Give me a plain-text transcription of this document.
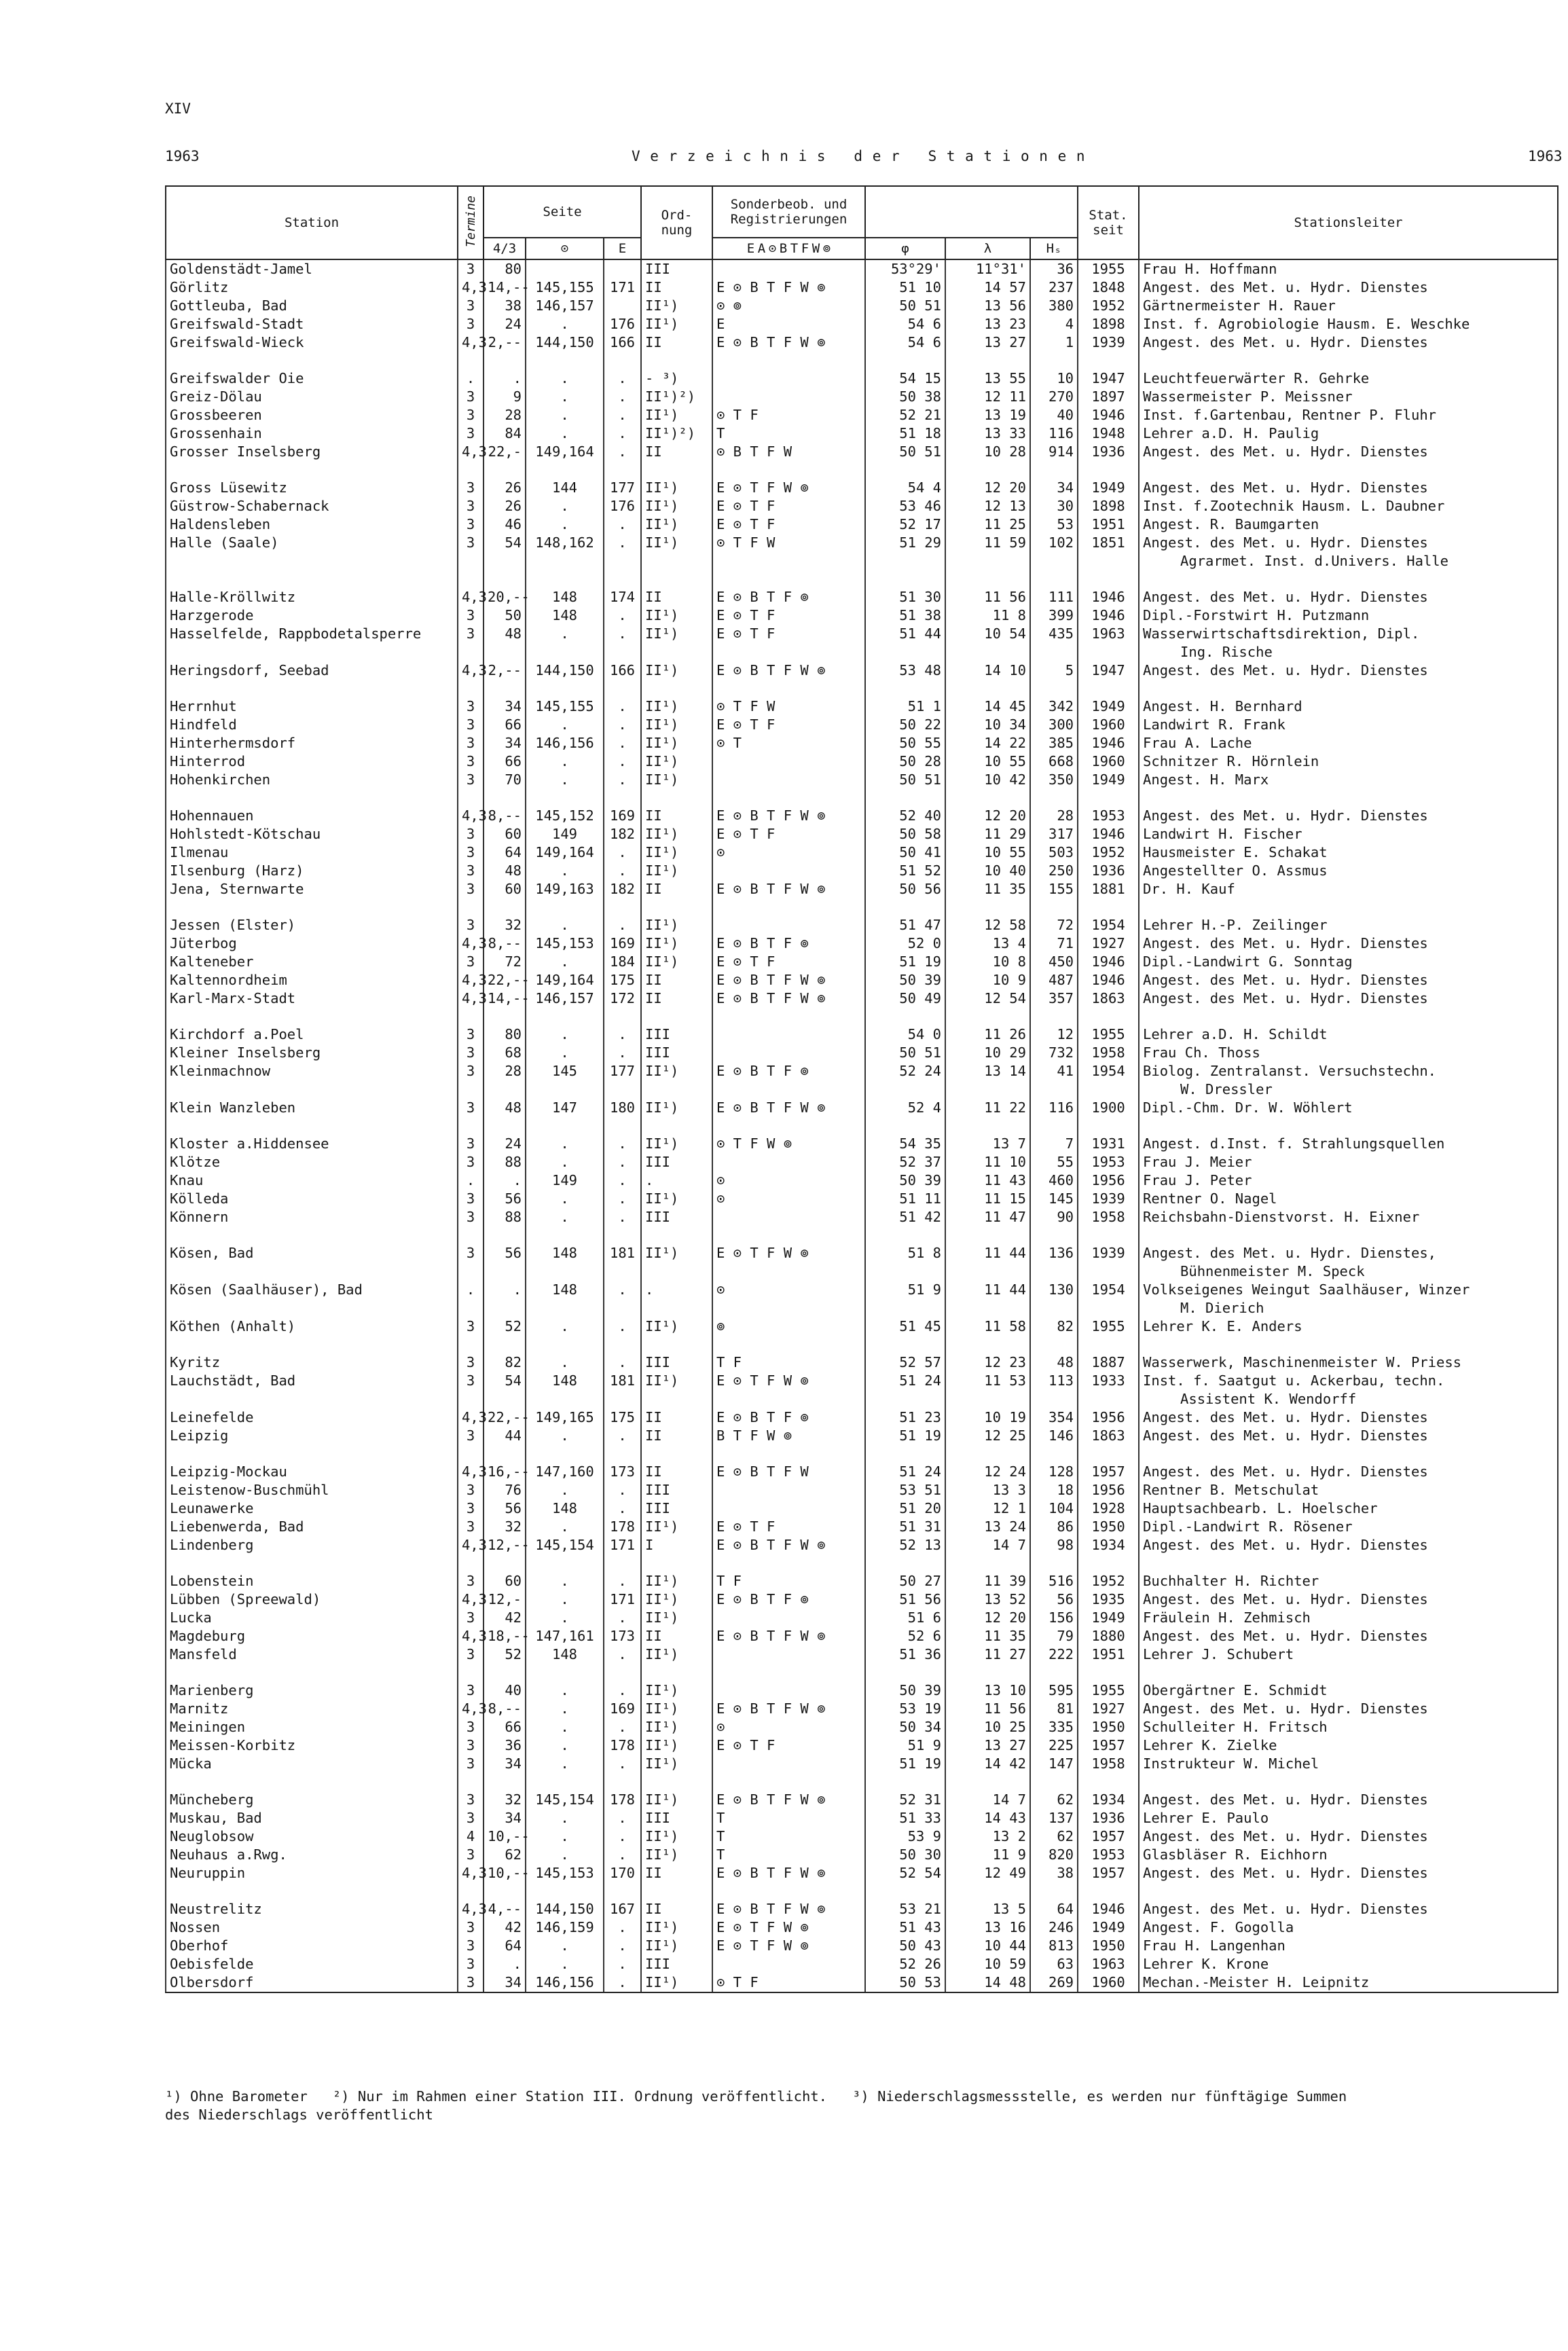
XIV
1963	V e r z e i c h n i s   d e r   S t a t i o n e n	1963
Station	Termine	Seite			Ord-
nung	Sonderbeob. und
Registrierungen				Stat.
seit	Stationsleiter
		4/3	⊙	E		E A ⊙ B T F W ⊚	φ	λ	Hₛ		
Goldenstädt-Jamel	3	80			III		53°29'	11°31'	36	1955	Frau H. Hoffmann
Görlitz	4,3	14,--	145,155	171	II	E ⊙ B T F W ⊚	51 10	14 57	237	1848	Angest. des Met. u. Hydr. Dienstes
Gottleuba, Bad	3	38	146,157		II¹)	⊙ ⊚	50 51	13 56	380	1952	Gärtnermeister H. Rauer
Greifswald-Stadt	3	24	.	176	II¹)	E	54 6	13 23	4	1898	Inst. f. Agrobiologie Hausm. E. Weschke
Greifswald-Wieck	4,3	2,--	144,150	166	II	E ⊙ B T F W ⊚	54 6	13 27	1	1939	Angest. des Met. u. Hydr. Dienstes

Greifswalder Oie	.	.	.	.	- ³)		54 15	13 55	10	1947	Leuchtfeuerwärter R. Gehrke
Greiz-Dölau	3	9	.	.	II¹)²)		50 38	12 11	270	1897	Wassermeister P. Meissner
Grossbeeren	3	28	.	.	II¹)	⊙ T F	52 21	13 19	40	1946	Inst. f.Gartenbau, Rentner P. Fluhr
Grossenhain	3	84	.	.	II¹)²)	T	51 18	13 33	116	1948	Lehrer a.D. H. Paulig
Grosser Inselsberg	4,3	22,-	149,164	.	II	⊙ B T F W	50 51	10 28	914	1936	Angest. des Met. u. Hydr. Dienstes

Gross Lüsewitz	3	26	144	177	II¹)	E ⊙ T F W ⊚	54 4	12 20	34	1949	Angest. des Met. u. Hydr. Dienstes
Güstrow-Schabernack	3	26	.	176	II¹)	E ⊙ T F	53 46	12 13	30	1898	Inst. f.Zootechnik Hausm. L. Daubner
Haldensleben	3	46	.	.	II¹)	E ⊙ T F	52 17	11 25	53	1951	Angest. R. Baumgarten
Halle (Saale)	3	54	148,162	.	II¹)	⊙ T F W	51 29	11 59	102	1851	Angest. des Met. u. Hydr. Dienstes
											Agrarmet. Inst. d.Univers. Halle

Halle-Kröllwitz	4,3	20,--	148	174	II	E ⊙ B T F ⊚	51 30	11 56	111	1946	Angest. des Met. u. Hydr. Dienstes
Harzgerode	3	50	148	.	II¹)	E ⊙ T F	51 38	11 8	399	1946	Dipl.-Forstwirt H. Putzmann
Hasselfelde, Rappbodetalsperre	3	48	.	.	II¹)	E ⊙ T F	51 44	10 54	435	1963	Wasserwirtschaftsdirektion, Dipl.
											Ing. Rische
Heringsdorf, Seebad	4,3	2,--	144,150	166	II¹)	E ⊙ B T F W ⊚	53 48	14 10	5	1947	Angest. des Met. u. Hydr. Dienstes

Herrnhut	3	34	145,155	.	II¹)	⊙ T F W	51 1	14 45	342	1949	Angest. H. Bernhard
Hindfeld	3	66	.	.	II¹)	E ⊙ T F	50 22	10 34	300	1960	Landwirt R. Frank
Hinterhermsdorf	3	34	146,156	.	II¹)	⊙ T	50 55	14 22	385	1946	Frau A. Lache
Hinterrod	3	66	.	.	II¹)		50 28	10 55	668	1960	Schnitzer R. Hörnlein
Hohenkirchen	3	70	.	.	II¹)		50 51	10 42	350	1949	Angest. H. Marx

Hohennauen	4,3	8,--	145,152	169	II	E ⊙ B T F W ⊚	52 40	12 20	28	1953	Angest. des Met. u. Hydr. Dienstes
Hohlstedt-Kötschau	3	60	149	182	II¹)	E ⊙ T F	50 58	11 29	317	1946	Landwirt H. Fischer
Ilmenau	3	64	149,164	.	II¹)	⊙	50 41	10 55	503	1952	Hausmeister E. Schakat
Ilsenburg (Harz)	3	48	.	.	II¹)		51 52	10 40	250	1936	Angestellter O. Assmus
Jena, Sternwarte	3	60	149,163	182	II	E ⊙ B T F W ⊚	50 56	11 35	155	1881	Dr. H. Kauf

Jessen (Elster)	3	32	.	.	II¹)		51 47	12 58	72	1954	Lehrer H.-P. Zeilinger
Jüterbog	4,3	8,--	145,153	169	II¹)	E ⊙ B T F ⊚	52 0	13 4	71	1927	Angest. des Met. u. Hydr. Dienstes
Kalteneber	3	72	.	184	II¹)	E ⊙ T F	51 19	10 8	450	1946	Dipl.-Landwirt G. Sonntag
Kaltennordheim	4,3	22,--	149,164	175	II	E ⊙ B T F W ⊚	50 39	10 9	487	1946	Angest. des Met. u. Hydr. Dienstes
Karl-Marx-Stadt	4,3	14,--	146,157	172	II	E ⊙ B T F W ⊚	50 49	12 54	357	1863	Angest. des Met. u. Hydr. Dienstes

Kirchdorf a.Poel	3	80	.	.	III		54 0	11 26	12	1955	Lehrer a.D. H. Schildt
Kleiner Inselsberg	3	68	.	.	III		50 51	10 29	732	1958	Frau Ch. Thoss
Kleinmachnow	3	28	145	177	II¹)	E ⊙ B T F ⊚	52 24	13 14	41	1954	Biolog. Zentralanst. Versuchstechn.
											W. Dressler
Klein Wanzleben	3	48	147	180	II¹)	E ⊙ B T F W ⊚	52 4	11 22	116	1900	Dipl.-Chm. Dr. W. Wöhlert

Kloster a.Hiddensee	3	24	.	.	II¹)	⊙ T F W ⊚	54 35	13 7	7	1931	Angest. d.Inst. f. Strahlungsquellen
Klötze	3	88	.	.	III		52 37	11 10	55	1953	Frau J. Meier
Knau	.	.	149	.	.	⊙	50 39	11 43	460	1956	Frau J. Peter
Kölleda	3	56	.	.	II¹)	⊙	51 11	11 15	145	1939	Rentner O. Nagel
Könnern	3	88	.	.	III		51 42	11 47	90	1958	Reichsbahn-Dienstvorst. H. Eixner

Kösen, Bad	3	56	148	181	II¹)	E ⊙ T F W ⊚	51 8	11 44	136	1939	Angest. des Met. u. Hydr. Dienstes,
											Bühnenmeister M. Speck
Kösen (Saalhäuser), Bad	.	.	148	.	.	⊙	51 9	11 44	130	1954	Volkseigenes Weingut Saalhäuser, Winzer
											M. Dierich
Köthen (Anhalt)	3	52	.	.	II¹)	⊚	51 45	11 58	82	1955	Lehrer K. E. Anders

Kyritz	3	82	.	.	III	T F	52 57	12 23	48	1887	Wasserwerk, Maschinenmeister W. Priess
Lauchstädt, Bad	3	54	148	181	II¹)	E ⊙ T F W ⊚	51 24	11 53	113	1933	Inst. f. Saatgut u. Ackerbau, techn.
											Assistent K. Wendorff
Leinefelde	4,3	22,--	149,165	175	II	E ⊙ B T F ⊚	51 23	10 19	354	1956	Angest. des Met. u. Hydr. Dienstes
Leipzig	3	44	.	.	II	B T F W ⊚	51 19	12 25	146	1863	Angest. des Met. u. Hydr. Dienstes

Leipzig-Mockau	4,3	16,--	147,160	173	II	E ⊙ B T F W	51 24	12 24	128	1957	Angest. des Met. u. Hydr. Dienstes
Leistenow-Buschmühl	3	76	.	.	III		53 51	13 3	18	1956	Rentner B. Metschulat
Leunawerke	3	56	148	.	III		51 20	12 1	104	1928	Hauptsachbearb. L. Hoelscher
Liebenwerda, Bad	3	32	.	178	II¹)	E ⊙ T F	51 31	13 24	86	1950	Dipl.-Landwirt R. Rösener
Lindenberg	4,3	12,--	145,154	171	I	E ⊙ B T F W ⊚	52 13	14 7	98	1934	Angest. des Met. u. Hydr. Dienstes

Lobenstein	3	60	.	.	II¹)	T F	50 27	11 39	516	1952	Buchhalter H. Richter
Lübben (Spreewald)	4,3	12,-	.	171	II¹)	E ⊙ B T F ⊚	51 56	13 52	56	1935	Angest. des Met. u. Hydr. Dienstes
Lucka	3	42	.	.	II¹)		51 6	12 20	156	1949	Fräulein H. Zehmisch
Magdeburg	4,3	18,--	147,161	173	II	E ⊙ B T F W ⊚	52 6	11 35	79	1880	Angest. des Met. u. Hydr. Dienstes
Mansfeld	3	52	148	.	II¹)		51 36	11 27	222	1951	Lehrer J. Schubert

Marienberg	3	40	.	.	II¹)		50 39	13 10	595	1955	Obergärtner E. Schmidt
Marnitz	4,3	8,--	.	169	II¹)	E ⊙ B T F W ⊚	53 19	11 56	81	1927	Angest. des Met. u. Hydr. Dienstes
Meiningen	3	66	.	.	II¹)	⊙	50 34	10 25	335	1950	Schulleiter H. Fritsch
Meissen-Korbitz	3	36	.	178	II¹)	E ⊙ T F	51 9	13 27	225	1957	Lehrer K. Zielke
Mücka	3	34	.	.	II¹)		51 19	14 42	147	1958	Instrukteur W. Michel

Müncheberg	3	32	145,154	178	II¹)	E ⊙ B T F W ⊚	52 31	14 7	62	1934	Angest. des Met. u. Hydr. Dienstes
Muskau, Bad	3	34	.	.	III	T	51 33	14 43	137	1936	Lehrer E. Paulo
Neuglobsow	4	10,--	.	.	II¹)	T	53 9	13 2	62	1957	Angest. des Met. u. Hydr. Dienstes
Neuhaus a.Rwg.	3	62	.	.	II¹)	T	50 30	11 9	820	1953	Glasbläser R. Eichhorn
Neuruppin	4,3	10,--	145,153	170	II	E ⊙ B T F W ⊚	52 54	12 49	38	1957	Angest. des Met. u. Hydr. Dienstes

Neustrelitz	4,3	4,--	144,150	167	II	E ⊙ B T F W ⊚	53 21	13 5	64	1946	Angest. des Met. u. Hydr. Dienstes
Nossen	3	42	146,159	.	II¹)	E ⊙ T F W ⊚	51 43	13 16	246	1949	Angest. F. Gogolla
Oberhof	3	64	.	.	II¹)	E ⊙ T F W ⊚	50 43	10 44	813	1950	Frau H. Langenhan
Oebisfelde	3	.	.	.	III		52 26	10 59	63	1963	Lehrer K. Krone
Olbersdorf	3	34	146,156	.	II¹)	⊙ T F	50 53	14 48	269	1960	Mechan.-Meister H. Leipnitz
¹) Ohne Barometer   ²) Nur im Rahmen einer Station III. Ordnung veröffentlicht.   ³) Niederschlagsmessstelle, es werden nur fünftägige Summen
des Niederschlags veröffentlicht
